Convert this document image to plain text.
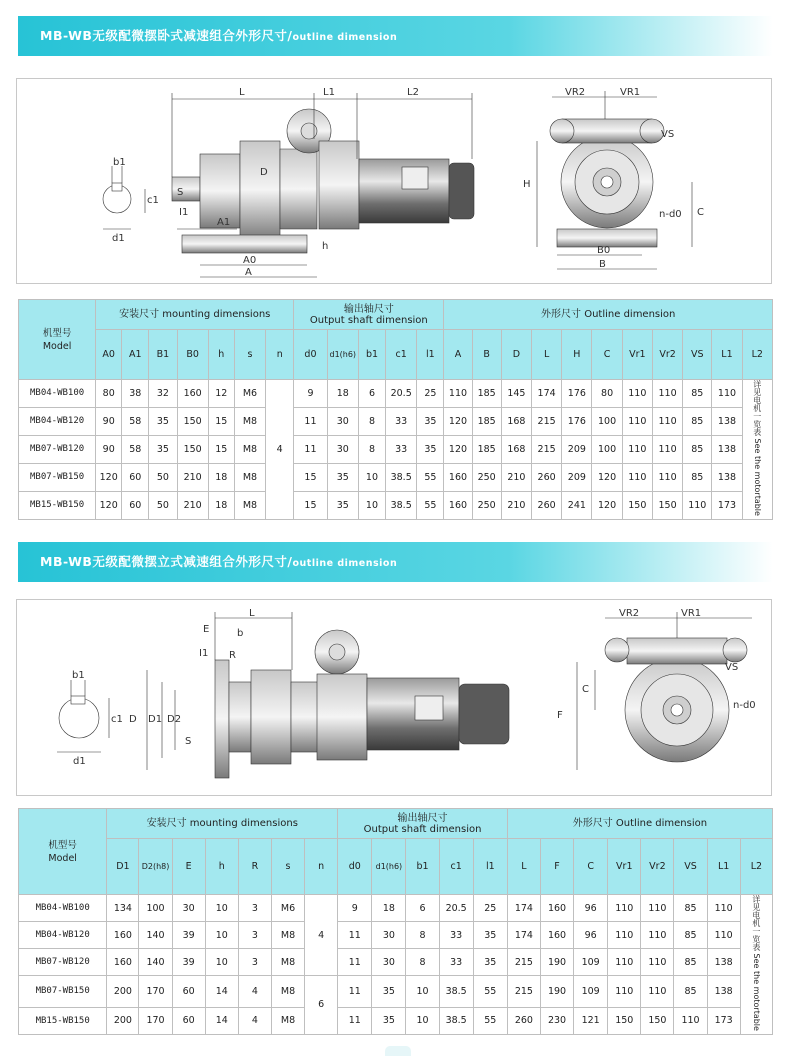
MB-WB无级配微摆卧式减速组合外形尺寸/outline dimension
b1
c1
d1
L	L1	L2
D
I1
A1
S
h
A0
A
VR2	VR1
VS
H
C
n-d0
B0
B
机型号
Model	安装尺寸 mounting dimensions							输出轴尺寸
Output shaft dimension					外形尺寸 Outline dimension										
	A0	A1	B1	B0	h	s	n	d0	d1(h6)	b1	c1	l1	A	B	D	L	H	C	Vr1	Vr2	VS	L1	L2
MB04-WB100	80	38	32	160	12	M6	4	9	18	6	20.5	25	110	185	145	174	176	80	110	110	85	110	详见电机一览表 See the motortable
MB04-WB120	90	58	35	150	15	M8		11	30	8	33	35	120	185	168	215	176	100	110	110	85	138	
MB07-WB120	90	58	35	150	15	M8		11	30	8	33	35	120	185	168	215	209	100	110	110	85	138	
MB07-WB150	120	60	50	210	18	M8		15	35	10	38.5	55	160	250	210	260	209	120	110	110	85	138	
MB15-WB150	120	60	50	210	18	M8		15	35	10	38.5	55	160	250	210	260	241	120	150	150	110	173	
MB-WB无级配微摆立式减速组合外形尺寸/outline dimension
b1
c1
d1
L
E	b
I1 R
D D1 D2
S
VR2	VR1
VS
C
F
n-d0
机型号
Model	安装尺寸 mounting dimensions							输出轴尺寸
Output shaft dimension					外形尺寸 Outline dimension							
	D1	D2(h8)	E	h	R	s	n	d0	d1(h6)	b1	c1	l1	L	F	C	Vr1	Vr2	VS	L1	L2
MB04-WB100	134	100	30	10	3	M6	4	9	18	6	20.5	25	174	160	96	110	110	85	110	详见电机一览表 See the motortable
MB04-WB120	160	140	39	10	3	M8		11	30	8	33	35	174	160	96	110	110	85	110	
MB07-WB120	160	140	39	10	3	M8		11	30	8	33	35	215	190	109	110	110	85	138	
MB07-WB150	200	170	60	14	4	M8	6	11	35	10	38.5	55	215	190	109	110	110	85	138	
MB15-WB150	200	170	60	14	4	M8		11	35	10	38.5	55	260	230	121	150	150	110	173	
